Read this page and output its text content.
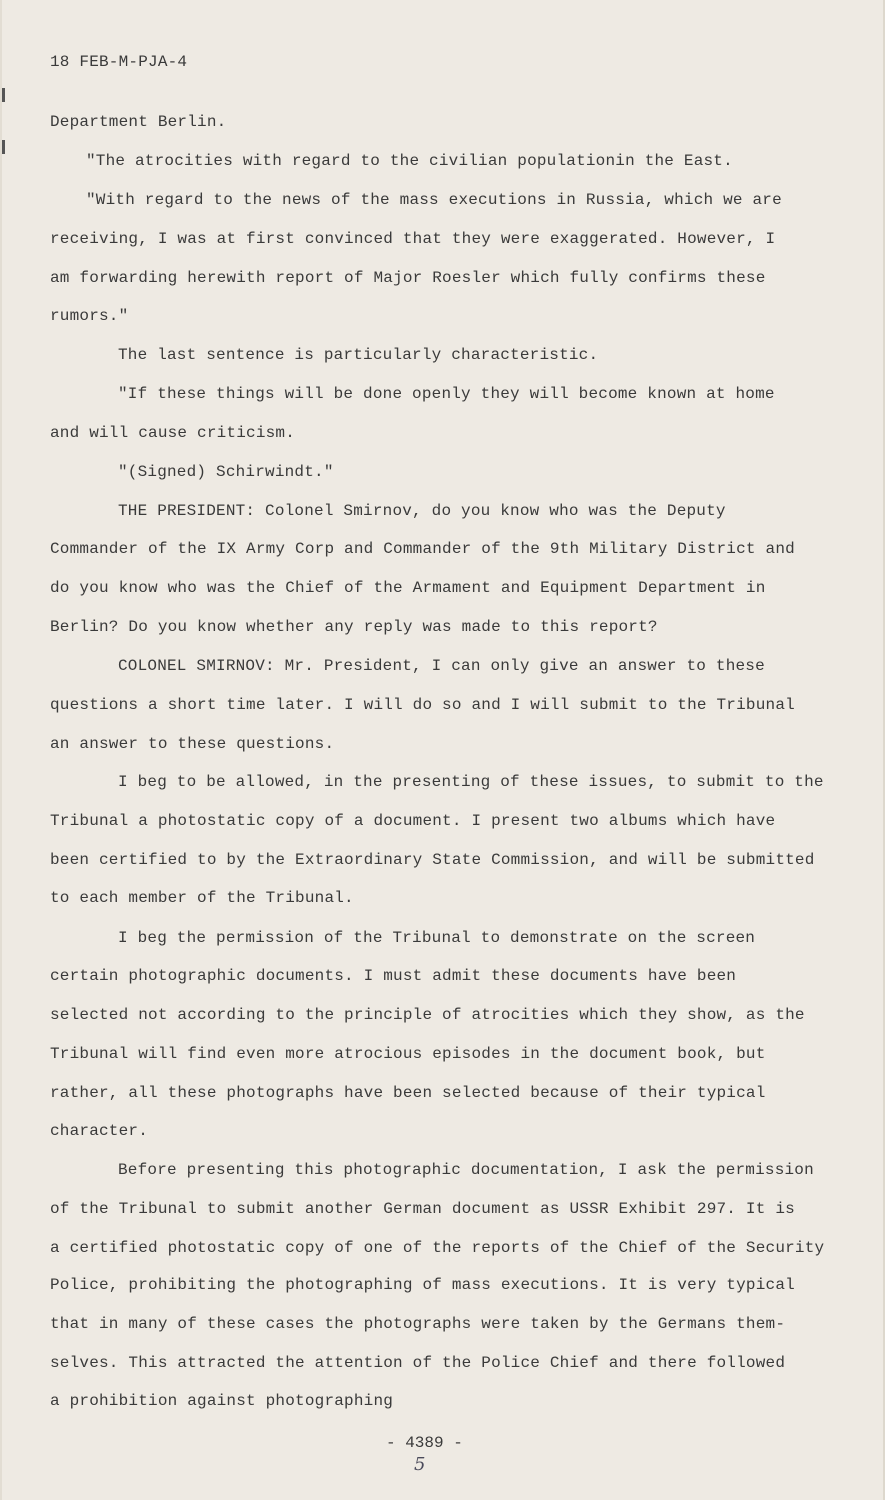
18 FEB-M-PJA-4

Department Berlin.

"The atrocities with regard to the civilian populationin the East.

"With regard to the news of the mass executions in Russia, which we are

receiving, I was at first convinced that they were exaggerated. However, I

am forwarding herewith report of Major Roesler which fully confirms these

rumors."

The last sentence is particularly characteristic.

"If these things will be done openly they will become known at home

and will cause criticism.

"(Signed) Schirwindt."

THE PRESIDENT: Colonel Smirnov, do you know who was the Deputy

Commander of the IX Army Corp and Commander of the 9th Military District and

do you know who was the Chief of the Armament and Equipment Department in

Berlin? Do you know whether any reply was made to this report?

COLONEL SMIRNOV: Mr. President, I can only give an answer to these

questions a short time later. I will do so and I will submit to the Tribunal

an answer to these questions.

I beg to be allowed, in the presenting of these issues, to submit to the

Tribunal a photostatic copy of a document. I present two albums which have

been certified to by the Extraordinary State Commission, and will be submitted

to each member of the Tribunal.

I beg the permission of the Tribunal to demonstrate on the screen

certain photographic documents. I must admit these documents have been

selected not according to the principle of atrocities which they show, as the

Tribunal will find even more atrocious episodes in the document book, but

rather, all these photographs have been selected because of their typical

character.

Before presenting this photographic documentation, I ask the permission

of the Tribunal to submit another German document as USSR Exhibit 297. It is

a certified photostatic copy of one of the reports of the Chief of the Security

Police, prohibiting the photographing of mass executions. It is very typical

that in many of these cases the photographs were taken by the Germans them-

selves. This attracted the attention of the Police Chief and there followed

a prohibition against photographing

- 4389 -
5
